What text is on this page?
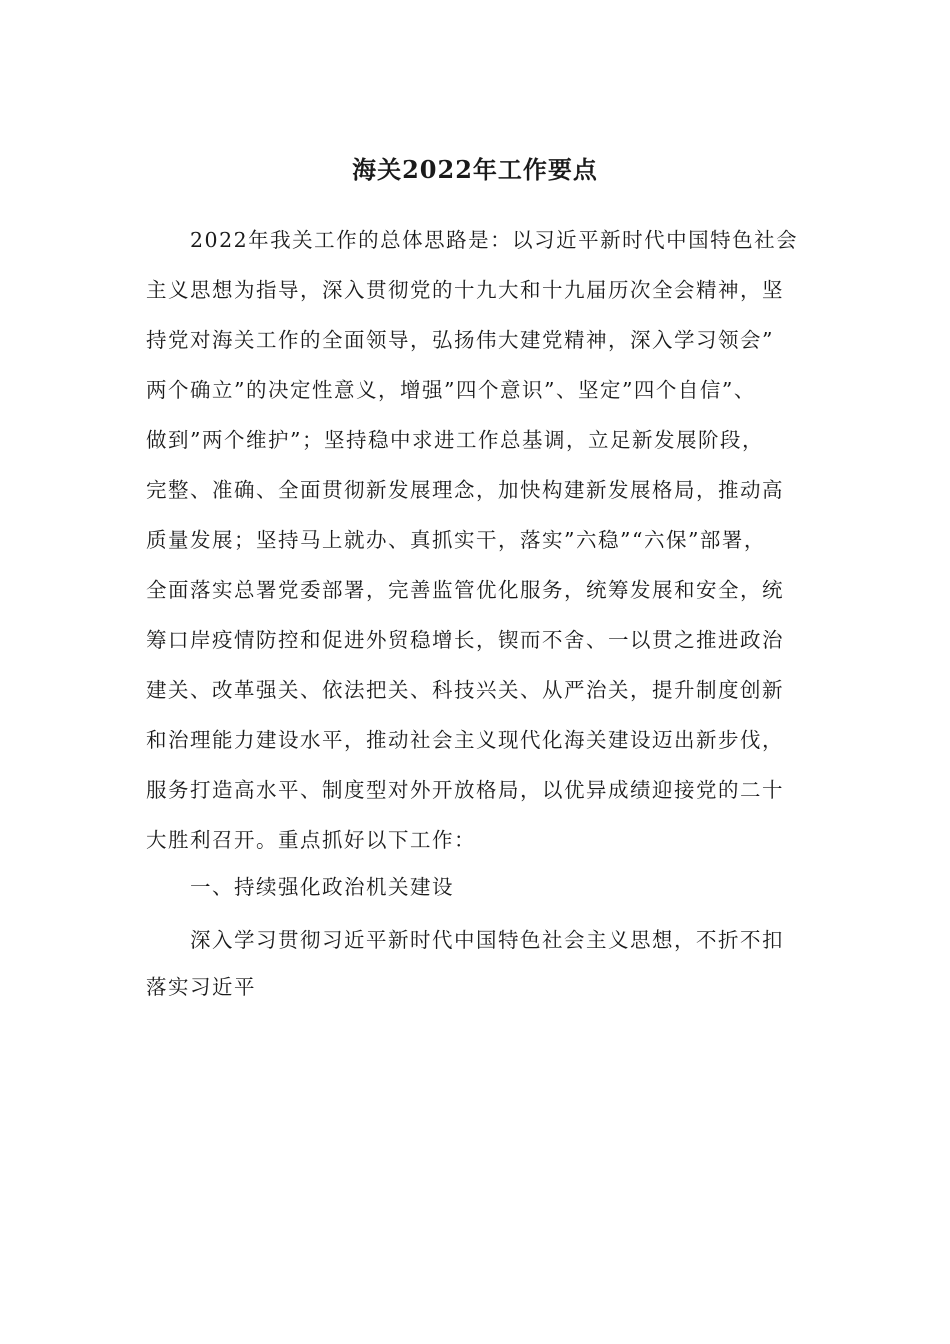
海关2022年工作要点
　　2022年我关工作的总体思路是：以习近平新时代中国特色社会
主义思想为指导，深入贯彻党的十九大和十九届历次全会精神，坚
持党对海关工作的全面领导，弘扬伟大建党精神，深入学习领会”
两个确立”的决定性意义，增强”四个意识”、坚定”四个自信”、
做到”两个维护”；坚持稳中求进工作总基调，立足新发展阶段，
完整、准确、全面贯彻新发展理念，加快构建新发展格局，推动高
质量发展；坚持马上就办、真抓实干，落实”六稳”“六保”部署，
全面落实总署党委部署，完善监管优化服务，统筹发展和安全，统
筹口岸疫情防控和促进外贸稳增长，锲而不舍、一以贯之推进政治
建关、改革强关、依法把关、科技兴关、从严治关，提升制度创新
和治理能力建设水平，推动社会主义现代化海关建设迈出新步伐，
服务打造高水平、制度型对外开放格局，以优异成绩迎接党的二十
大胜利召开。重点抓好以下工作：
　　一、持续强化政治机关建设
　　深入学习贯彻习近平新时代中国特色社会主义思想，不折不扣
落实习近平
